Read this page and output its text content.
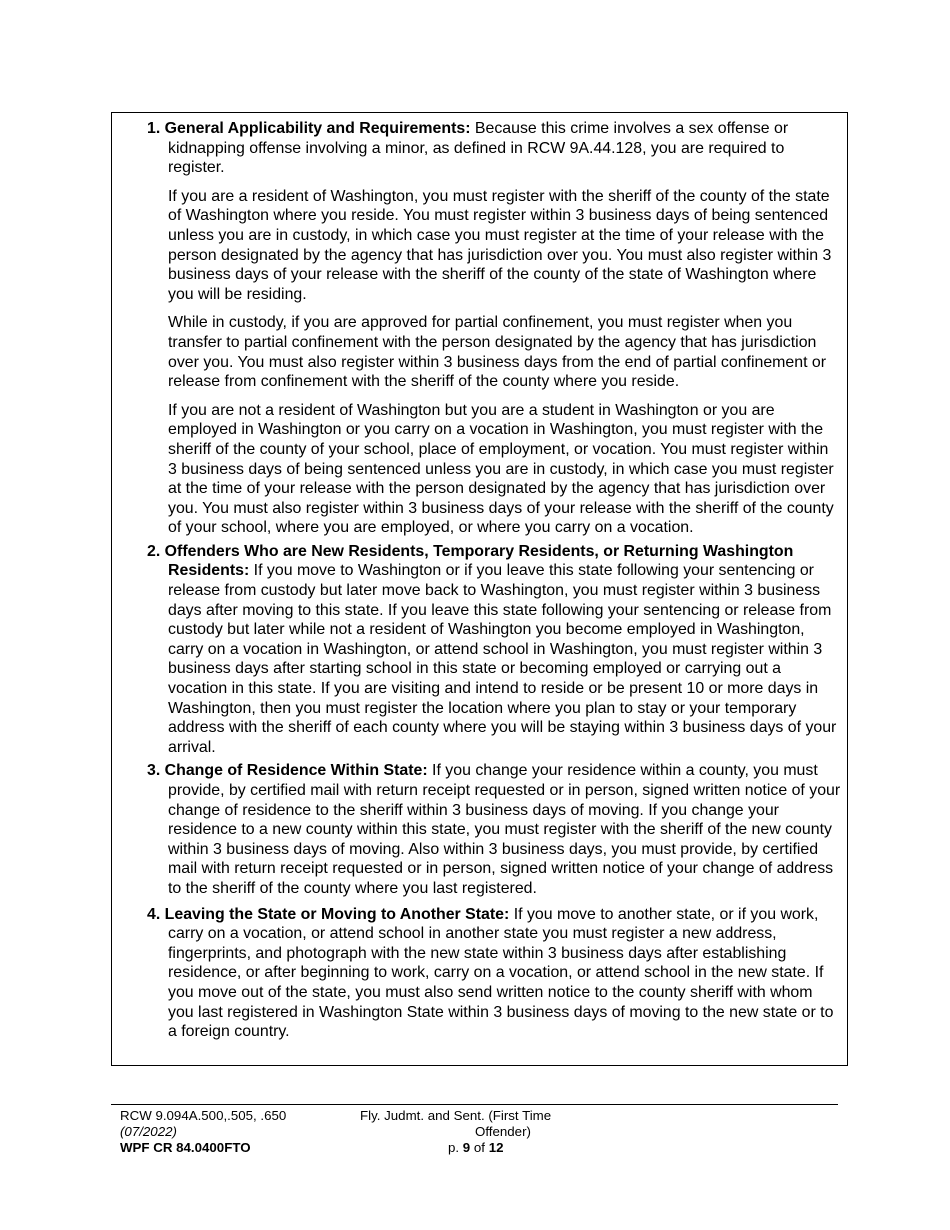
1. General Applicability and Requirements: Because this crime involves a sex offense or kidnapping offense involving a minor, as defined in RCW 9A.44.128, you are required to register.

If you are a resident of Washington, you must register with the sheriff of the county of the state of Washington where you reside. You must register within 3 business days of being sentenced unless you are in custody, in which case you must register at the time of your release with the person designated by the agency that has jurisdiction over you. You must also register within 3 business days of your release with the sheriff of the county of the state of Washington where you will be residing.

While in custody, if you are approved for partial confinement, you must register when you transfer to partial confinement with the person designated by the agency that has jurisdiction over you. You must also register within 3 business days from the end of partial confinement or release from confinement with the sheriff of the county where you reside.

If you are not a resident of Washington but you are a student in Washington or you are employed in Washington or you carry on a vocation in Washington, you must register with the sheriff of the county of your school, place of employment, or vocation. You must register within 3 business days of being sentenced unless you are in custody, in which case you must register at the time of your release with the person designated by the agency that has jurisdiction over you. You must also register within 3 business days of your release with the sheriff of the county of your school, where you are employed, or where you carry on a vocation.

2. Offenders Who are New Residents, Temporary Residents, or Returning Washington Residents: If you move to Washington or if you leave this state following your sentencing or release from custody but later move back to Washington, you must register within 3 business days after moving to this state. If you leave this state following your sentencing or release from custody but later while not a resident of Washington you become employed in Washington, carry on a vocation in Washington, or attend school in Washington, you must register within 3 business days after starting school in this state or becoming employed or carrying out a vocation in this state. If you are visiting and intend to reside or be present 10 or more days in Washington, then you must register the location where you plan to stay or your temporary address with the sheriff of each county where you will be staying within 3 business days of your arrival.

3. Change of Residence Within State: If you change your residence within a county, you must provide, by certified mail with return receipt requested or in person, signed written notice of your change of residence to the sheriff within 3 business days of moving. If you change your residence to a new county within this state, you must register with the sheriff of the new county within 3 business days of moving. Also within 3 business days, you must provide, by certified mail with return receipt requested or in person, signed written notice of your change of address to the sheriff of the county where you last registered.

4. Leaving the State or Moving to Another State: If you move to another state, or if you work, carry on a vocation, or attend school in another state you must register a new address, fingerprints, and photograph with the new state within 3 business days after establishing residence, or after beginning to work, carry on a vocation, or attend school in the new state. If you move out of the state, you must also send written notice to the county sheriff with whom you last registered in Washington State within 3 business days of moving to the new state or to a foreign country.

RCW 9.094A.500,.505, .650
(07/2022)
WPF CR 84.0400FTO
Fly. Judmt. and Sent. (First Time
Offender)
p. 9 of 12
